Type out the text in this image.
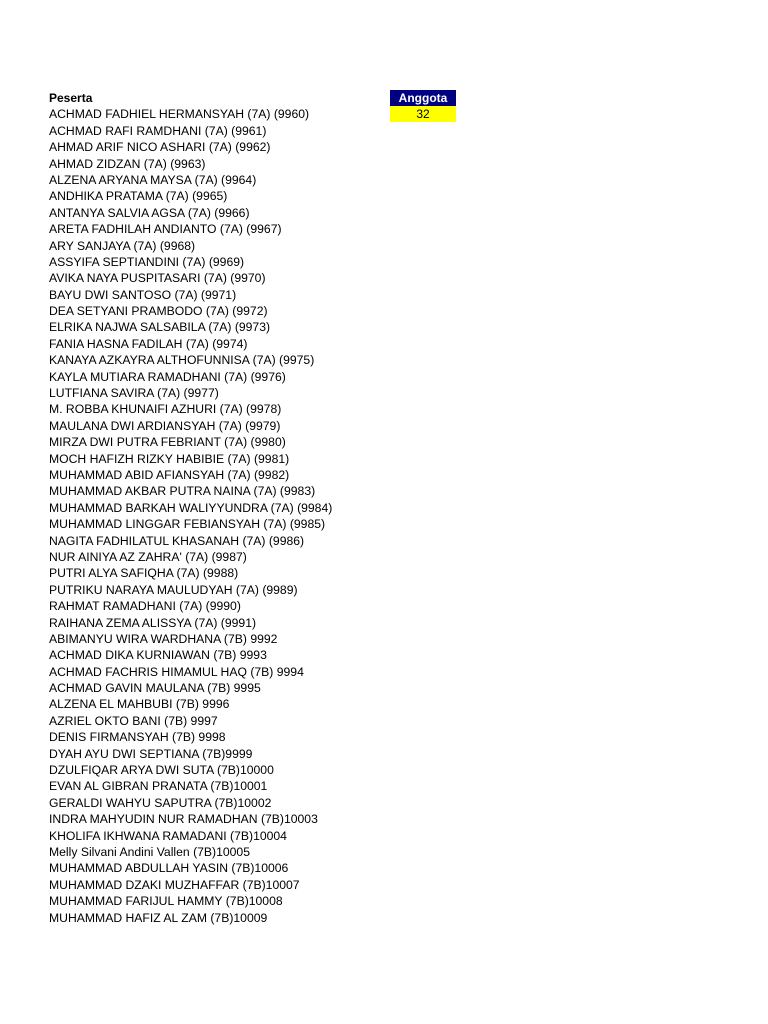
Peserta
ACHMAD FADHIEL HERMANSYAH (7A) (9960)
ACHMAD RAFI RAMDHANI (7A) (9961)
AHMAD ARIF NICO ASHARI (7A) (9962)
AHMAD ZIDZAN (7A) (9963)
ALZENA ARYANA MAYSA (7A) (9964)
ANDHIKA PRATAMA (7A) (9965)
ANTANYA SALVIA AGSA (7A) (9966)
ARETA FADHILAH ANDIANTO (7A) (9967)
ARY SANJAYA (7A) (9968)
ASSYIFA SEPTIANDINI (7A) (9969)
AVIKA NAYA PUSPITASARI (7A) (9970)
BAYU DWI SANTOSO (7A) (9971)
DEA SETYANI PRAMBODO (7A) (9972)
ELRIKA NAJWA SALSABILA (7A) (9973)
FANIA HASNA FADILAH (7A) (9974)
KANAYA AZKAYRA ALTHOFUNNISA (7A) (9975)
KAYLA MUTIARA RAMADHANI (7A) (9976)
LUTFIANA SAVIRA (7A) (9977)
M. ROBBA KHUNAIFI AZHURI (7A) (9978)
MAULANA DWI ARDIANSYAH (7A) (9979)
MIRZA DWI PUTRA FEBRIANT (7A) (9980)
MOCH HAFIZH RIZKY HABIBIE (7A) (9981)
MUHAMMAD ABID AFIANSYAH (7A) (9982)
MUHAMMAD AKBAR PUTRA NAINA (7A) (9983)
MUHAMMAD BARKAH WALIYYUNDRA (7A) (9984)
MUHAMMAD LINGGAR FEBIANSYAH (7A) (9985)
NAGITA FADHILATUL KHASANAH (7A) (9986)
NUR AINIYA AZ ZAHRA' (7A) (9987)
PUTRI ALYA SAFIQHA (7A) (9988)
PUTRIKU NARAYA MAULUDYAH (7A) (9989)
RAHMAT RAMADHANI (7A) (9990)
RAIHANA ZEMA ALISSYA (7A) (9991)
ABIMANYU WIRA WARDHANA (7B) 9992
ACHMAD DIKA KURNIAWAN (7B) 9993
ACHMAD FACHRIS HIMAMUL HAQ (7B) 9994
ACHMAD GAVIN MAULANA (7B) 9995
ALZENA EL MAHBUBI (7B) 9996
AZRIEL OKTO BANI (7B) 9997
DENIS FIRMANSYAH (7B) 9998
DYAH AYU DWI SEPTIANA (7B)9999
DZULFIQAR ARYA DWI SUTA (7B)10000
EVAN AL GIBRAN PRANATA (7B)10001
GERALDI WAHYU SAPUTRA (7B)10002
INDRA MAHYUDIN NUR RAMADHAN (7B)10003
KHOLIFA IKHWANA RAMADANI (7B)10004
Melly Silvani Andini Vallen (7B)10005
MUHAMMAD ABDULLAH YASIN (7B)10006
MUHAMMAD DZAKI MUZHAFFAR (7B)10007
MUHAMMAD FARIJUL HAMMY (7B)10008
MUHAMMAD HAFIZ AL ZAM (7B)10009
Anggota
32
